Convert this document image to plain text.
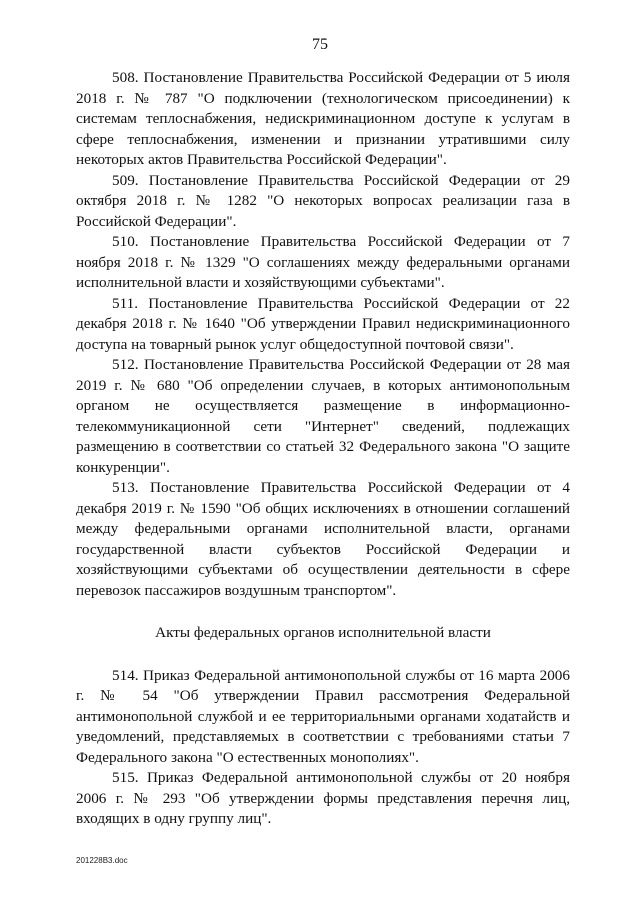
75

508. Постановление Правительства Российской Федерации от 5 июля 2018 г. № 787 "О подключении (технологическом присоединении) к системам теплоснабжения, недискриминационном доступе к услугам в сфере теплоснабжения, изменении и признании утратившими силу некоторых актов Правительства Российской Федерации".

509. Постановление Правительства Российской Федерации от 29 октября 2018 г. № 1282 "О некоторых вопросах реализации газа в Российской Федерации".

510. Постановление Правительства Российской Федерации от 7 ноября 2018 г. № 1329 "О соглашениях между федеральными органами исполнительной власти и хозяйствующими субъектами".

511. Постановление Правительства Российской Федерации от 22 декабря 2018 г. № 1640 "Об утверждении Правил недискриминационного доступа на товарный рынок услуг общедоступной почтовой связи".

512. Постановление Правительства Российской Федерации от 28 мая 2019 г. № 680 "Об определении случаев, в которых антимонопольным органом не осуществляется размещение в информационно-телекоммуникационной сети "Интернет" сведений, подлежащих размещению в соответствии со статьей 32 Федерального закона "О защите конкуренции".

513. Постановление Правительства Российской Федерации от 4 декабря 2019 г. № 1590 "Об общих исключениях в отношении соглашений между федеральными органами исполнительной власти, органами государственной власти субъектов Российской Федерации и хозяйствующими субъектами об осуществлении деятельности в сфере перевозок пассажиров воздушным транспортом".

Акты федеральных органов исполнительной власти

514. Приказ Федеральной антимонопольной службы от 16 марта 2006 г. № 54 "Об утверждении Правил рассмотрения Федеральной антимонопольной службой и ее территориальными органами ходатайств и уведомлений, представляемых в соответствии с требованиями статьи 7 Федерального закона "О естественных монополиях".

515. Приказ Федеральной антимонопольной службы от 20 ноября 2006 г. № 293 "Об утверждении формы представления перечня лиц, входящих в одну группу лиц".

201228B3.doc
